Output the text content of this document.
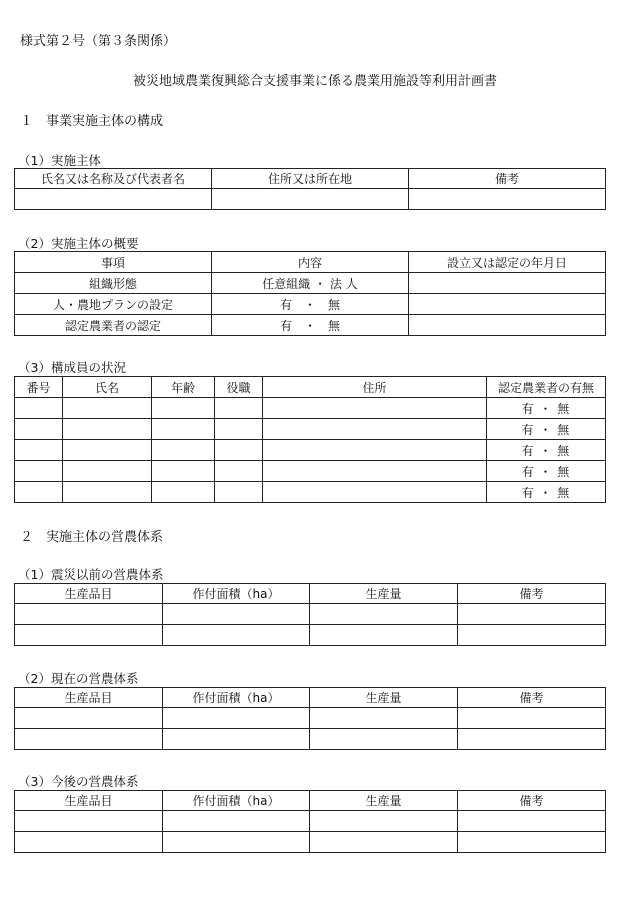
様式第２号（第３条関係）
被災地域農業復興総合支援事業に係る農業用施設等利用計画書
１　事業実施主体の構成
（1）実施主体
氏名又は名称及び代表者名	住所又は所在地	備考

（2）実施主体の概要
事項	内容	設立又は認定の年月日
組織形態	任意組織 ・ 法 人	
人・農地プランの設定	有　・　無	
認定農業者の認定	有　・　無	
（3）構成員の状況
番号	氏名	年齢	役職	住所	認定農業者の有無
					有 ・ 無
					有 ・ 無
					有 ・ 無
					有 ・ 無
					有 ・ 無
２　実施主体の営農体系
（1）震災以前の営農体系
生産品目	作付面積（ha）	生産量	備考

（2）現在の営農体系
生産品目	作付面積（ha）	生産量	備考

（3）今後の営農体系
生産品目	作付面積（ha）	生産量	備考
